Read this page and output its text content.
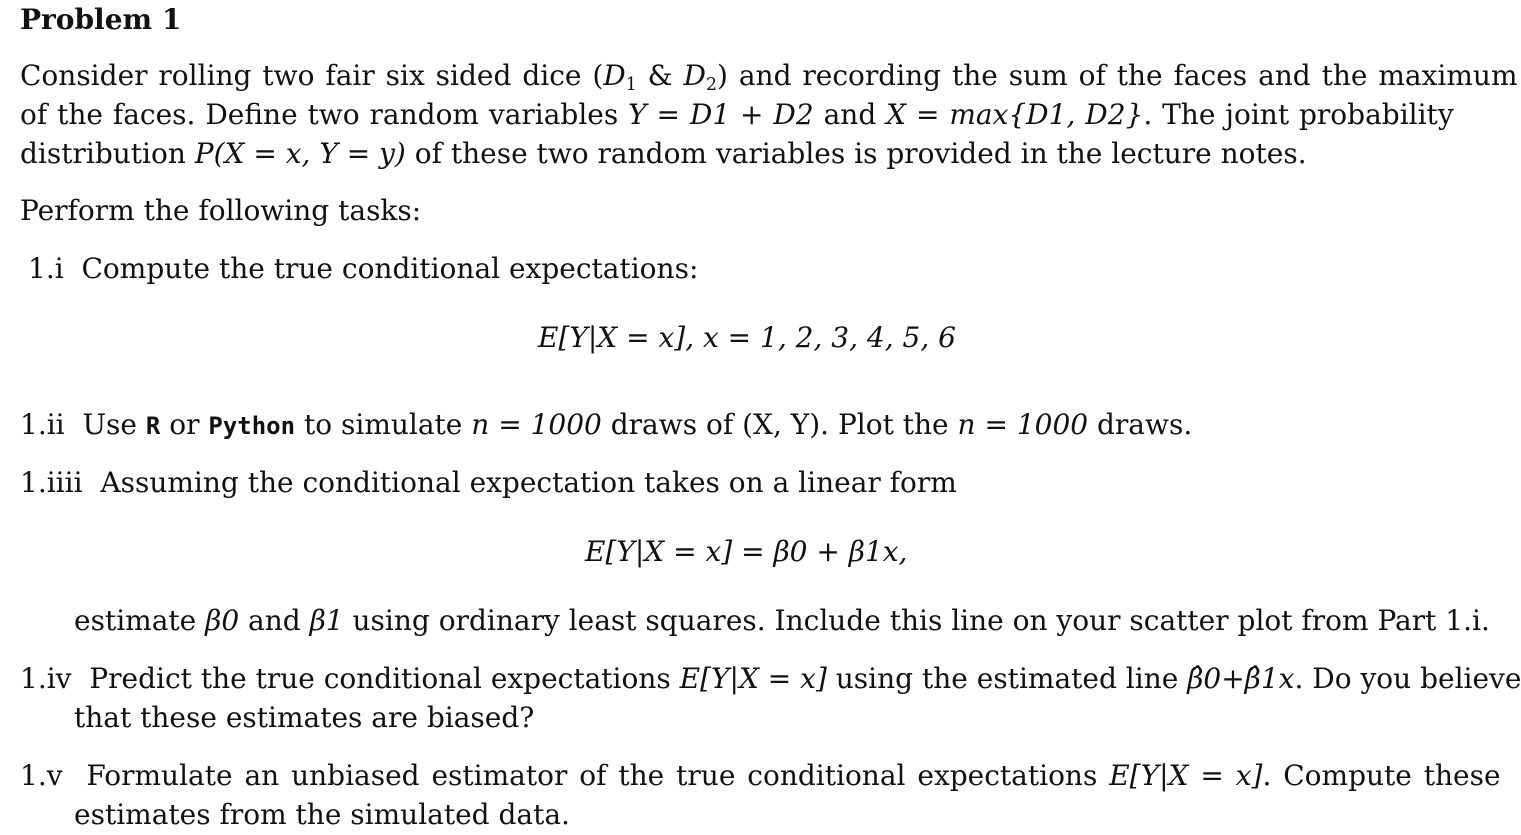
Problem 1
Consider rolling two fair six sided dice ($D_1$ & $D_2$) and recording the sum of the faces and the maximum
of the faces. Define two random variables Y = D1 + D2 and X = max{D1, D2}. The joint probability
distribution P(X = x, Y = y) of these two random variables is provided in the lecture notes.
Perform the following tasks:
1.i Compute the true conditional expectations:
E[Y|X = x], x = 1, 2, 3, 4, 5, 6
1.ii Use R or Python to simulate n = 1000 draws of (X, Y). Plot the n = 1000 draws.
1.iiii Assuming the conditional expectation takes on a linear form
E[Y|X = x] = β0 + β1x,
estimate β0 and β1 using ordinary least squares. Include this line on your scatter plot from Part 1.i.
1.iv Predict the true conditional expectations E[Y|X = x] using the estimated line β̂0+β̂1x. Do you believe
that these estimates are biased?
1.v Formulate an unbiased estimator of the true conditional expectations E[Y|X = x]. Compute these
estimates from the simulated data.
